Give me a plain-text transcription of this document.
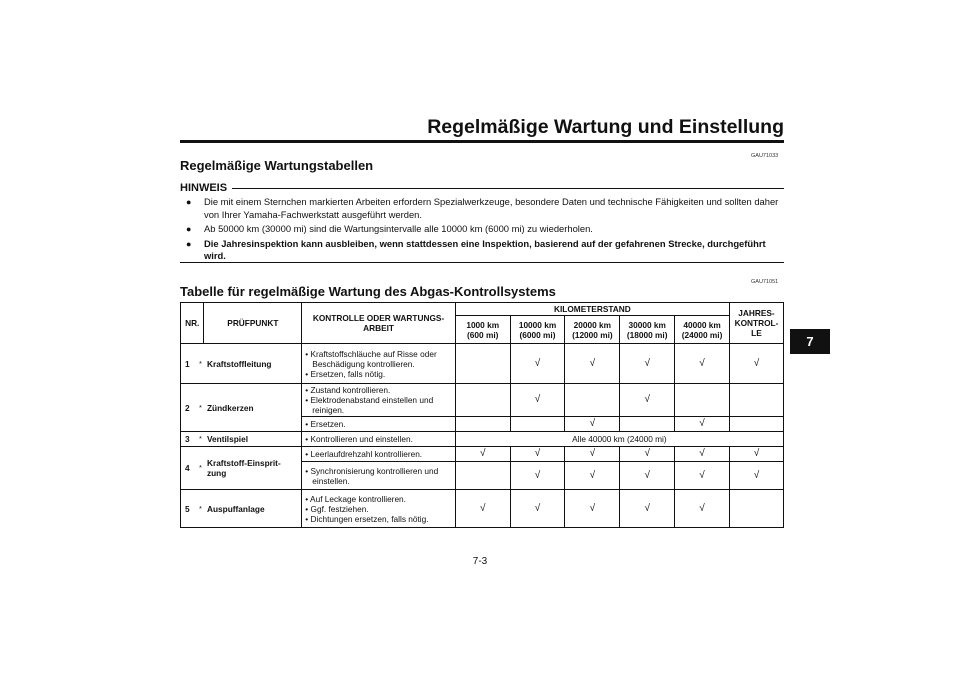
Regelmäßige Wartung und Einstellung
GAU71033
Regelmäßige Wartungstabellen
HINWEIS
● Die mit einem Sternchen markierten Arbeiten erfordern Spezialwerkzeuge, besondere Daten und technische Fähigkeiten und sollten daher von Ihrer Yamaha-Fachwerkstatt ausgeführt werden.
● Ab 50000 km (30000 mi) sind die Wartungsintervalle alle 10000 km (6000 mi) zu wiederholen.
● Die Jahresinspektion kann ausbleiben, wenn stattdessen eine Inspektion, basierend auf der gefahrenen Strecke, durchgeführt wird.
GAU71051
Tabelle für regelmäßige Wartung des Abgas-Kontrollsystems
NR.		PRÜFPUNKT	KONTROLLE ODER WARTUNGS-ARBEIT	KILOMETERSTAND					JAHRES-KONTROL-LE
				1000 km (600 mi)	10000 km (6000 mi)	20000 km (12000 mi)	30000 km (18000 mi)	40000 km (24000 mi)	
1	*	Kraftstoffleitung	• Kraftstoffschläuche auf Risse oder Beschädigung kontrollieren.
• Ersetzen, falls nötig.		√	√	√	√	√
2	*	Zündkerzen	• Zustand kontrollieren.
• Elektrodenabstand einstellen und reinigen.		√		√		

			• Ersetzen.			√		√	
3	*	Ventilspiel	• Kontrollieren und einstellen.	Alle 40000 km (24000 mi)					
4	*	Kraftstoff-Einsprit-zung	• Leerlaufdrehzahl kontrollieren.	√	√	√	√	√	√

			• Synchronisierung kontrollieren und einstellen.		√	√	√	√	√
5	*	Auspuffanlage	• Auf Leckage kontrollieren.
• Ggf. festziehen.
• Dichtungen ersetzen, falls nötig.	√	√	√	√	√	
7
7-3
